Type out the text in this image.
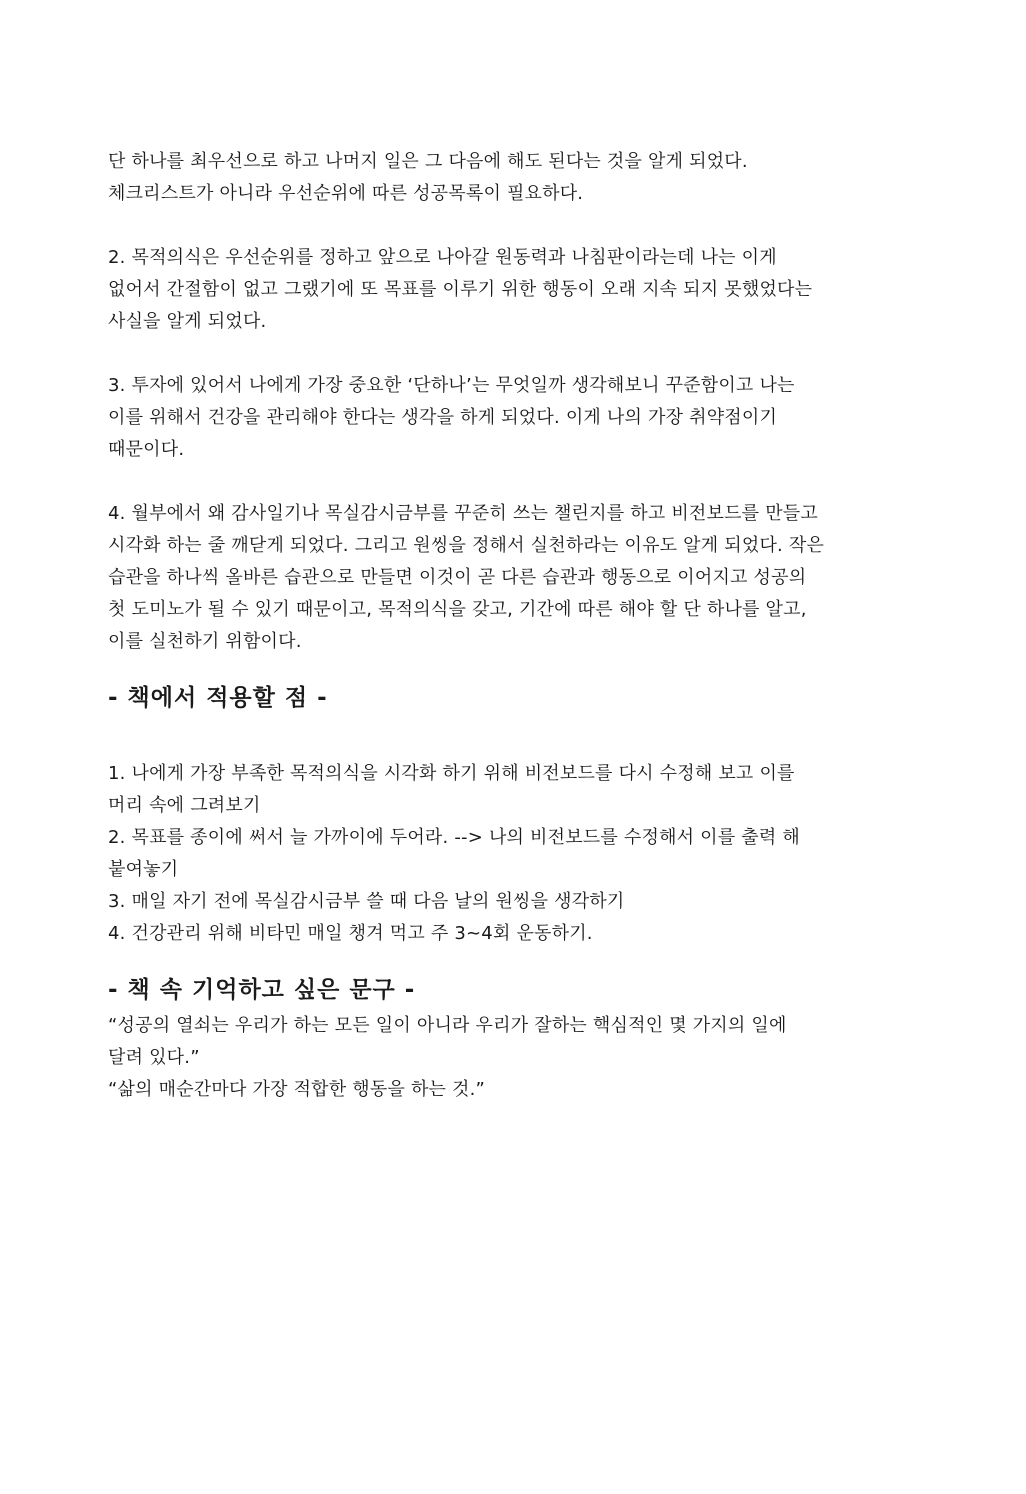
단 하나를 최우선으로 하고 나머지 일은 그 다음에 해도 된다는 것을 알게 되었다.
체크리스트가 아니라 우선순위에 따른 성공목록이 필요하다.
2. 목적의식은 우선순위를 정하고 앞으로 나아갈 원동력과 나침판이라는데 나는 이게
없어서 간절함이 없고 그랬기에 또 목표를 이루기 위한 행동이 오래 지속 되지 못했었다는
사실을 알게 되었다.
3. 투자에 있어서 나에게 가장 중요한 ‘단하나’는 무엇일까 생각해보니 꾸준함이고 나는
이를 위해서 건강을 관리해야 한다는 생각을 하게 되었다. 이게 나의 가장 취약점이기
때문이다.
4. 월부에서 왜 감사일기나 목실감시금부를 꾸준히 쓰는 챌린지를 하고 비전보드를 만들고
시각화 하는 줄 깨닫게 되었다. 그리고 원씽을 정해서 실천하라는 이유도 알게 되었다. 작은
습관을 하나씩 올바른 습관으로 만들면 이것이 곧 다른 습관과 행동으로 이어지고 성공의
첫 도미노가 될 수 있기 때문이고, 목적의식을 갖고, 기간에 따른 해야 할 단 하나를 알고,
이를 실천하기 위함이다.
- 책에서 적용할 점 -
1. 나에게 가장 부족한 목적의식을 시각화 하기 위해 비전보드를 다시 수정해 보고 이를
머리 속에 그려보기
2. 목표를 종이에 써서 늘 가까이에 두어라. --> 나의 비전보드를 수정해서 이를 출력 해
붙여놓기
3. 매일 자기 전에 목실감시금부 쓸 때 다음 날의 원씽을 생각하기
4. 건강관리 위해 비타민 매일 챙겨 먹고 주 3~4회 운동하기.
- 책 속 기억하고 싶은 문구 -
“성공의 열쇠는 우리가 하는 모든 일이 아니라 우리가 잘하는 핵심적인 몇 가지의 일에
달려 있다.”
“삶의 매순간마다 가장 적합한 행동을 하는 것.”
